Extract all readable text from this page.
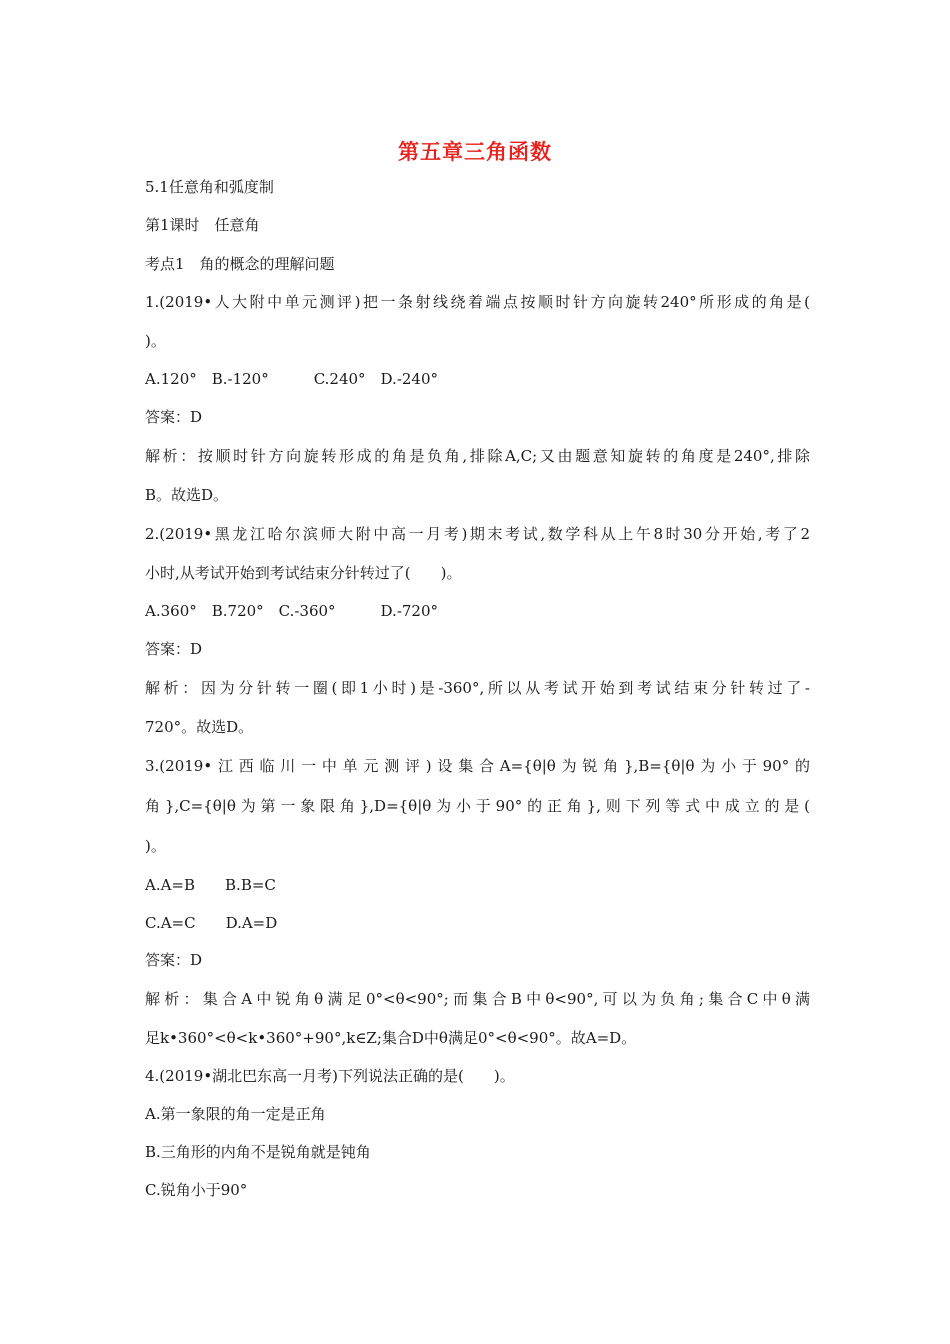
第五章三角函数
5.1任意角和弧度制
第1课时　任意角
考点1　角的概念的理解问题
1.(2019•人大附中单元测评)把一条射线绕着端点按顺时针方向旋转240°所形成的角是(
)。
A.120°　B.-120°　　　C.240°　D.-240°
答案：D
解析：按顺时针方向旋转形成的角是负角,排除A,C;又由题意知旋转的角度是240°,排除
B。故选D。
2.(2019•黑龙江哈尔滨师大附中高一月考)期末考试,数学科从上午8时30分开始,考了2
小时,从考试开始到考试结束分针转过了(　　)。
A.360°　B.720°　C.-360°　　　D.-720°
答案：D
解析：因为分针转一圈(即1小时)是-360°,所以从考试开始到考试结束分针转过了-
720°。故选D。
3.(2019•江西临川一中单元测评)设集合A={θ|θ为锐角},B={θ|θ为小于90°的
角},C={θ|θ为第一象限角},D={θ|θ为小于90°的正角},则下列等式中成立的是(
)。
A.A=B　　B.B=C
C.A=C　　D.A=D
答案：D
解析：集合A中锐角θ满足0°<θ<90°;而集合B中θ<90°,可以为负角;集合C中θ满
足k•360°<θ<k•360°+90°,k∈Z;集合D中θ满足0°<θ<90°。故A=D。
4.(2019•湖北巴东高一月考)下列说法正确的是(　　)。
A.第一象限的角一定是正角
B.三角形的内角不是锐角就是钝角
C.锐角小于90°
